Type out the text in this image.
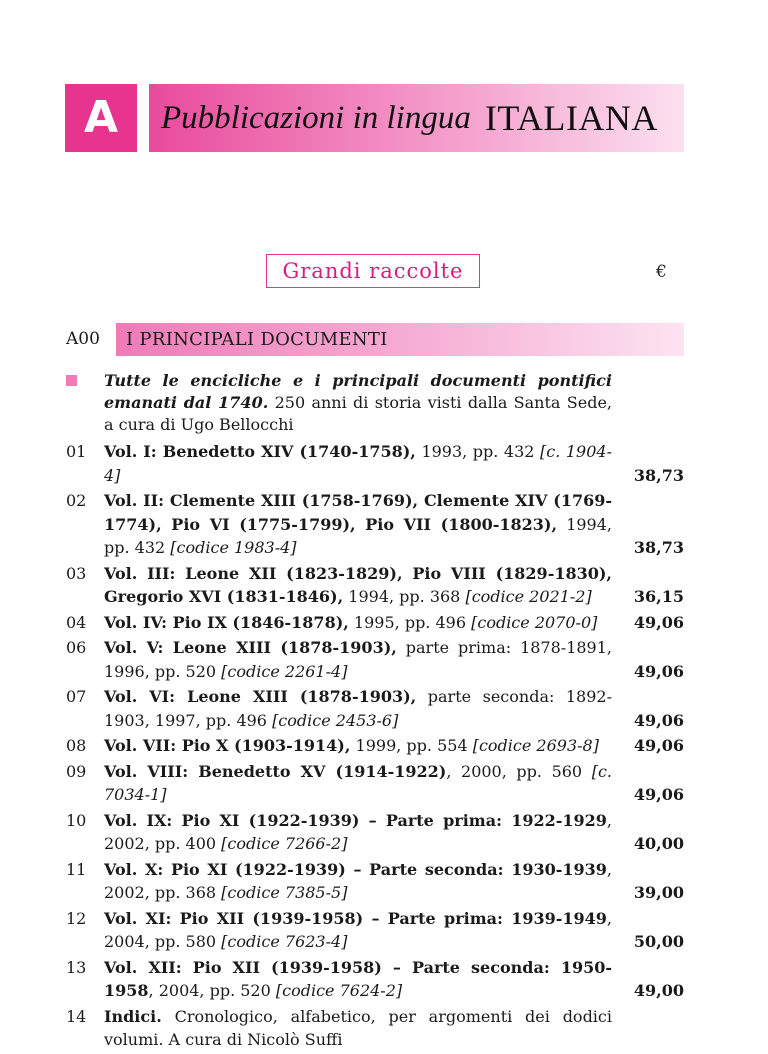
A	Pubblicazioni in lingua ITALIANA
Grandi raccolte	€
A00	I PRINCIPALI DOCUMENTI
Tutte le encicliche e i principali documenti pontifici emanati dal 1740. 250 anni di storia visti dalla Santa Sede, a cura di Ugo Bellocchi
01 Vol. I: Benedetto XIV (1740-1758), 1993, pp. 432 [c. 1904-4]	38,73
02 Vol. II: Clemente XIII (1758-1769), Clemente XIV (1769-1774), Pio VI (1775-1799), Pio VII (1800-1823), 1994, pp. 432 [codice 1983-4]	38,73
03 Vol. III: Leone XII (1823-1829), Pio VIII (1829-1830), Gregorio XVI (1831-1846), 1994, pp. 368 [codice 2021-2]	36,15
04 Vol. IV: Pio IX (1846-1878), 1995, pp. 496 [codice 2070-0]	49,06
06 Vol. V: Leone XIII (1878-1903), parte prima: 1878-1891, 1996, pp. 520 [codice 2261-4]	49,06
07 Vol. VI: Leone XIII (1878-1903), parte seconda: 1892-1903, 1997, pp. 496 [codice 2453-6]	49,06
08 Vol. VII: Pio X (1903-1914), 1999, pp. 554 [codice 2693-8]	49,06
09 Vol. VIII: Benedetto XV (1914-1922), 2000, pp. 560 [c. 7034-1]	49,06
10 Vol. IX: Pio XI (1922-1939) – Parte prima: 1922-1929, 2002, pp. 400 [codice 7266-2]	40,00
11 Vol. X: Pio XI (1922-1939) – Parte seconda: 1930-1939, 2002, pp. 368 [codice 7385-5]	39,00
12 Vol. XI: Pio XII (1939-1958) – Parte prima: 1939-1949, 2004, pp. 580 [codice 7623-4]	50,00
13 Vol. XII: Pio XII (1939-1958) – Parte seconda: 1950-1958, 2004, pp. 520 [codice 7624-2]	49,00
14 Indici. Cronologico, alfabetico, per argomenti dei dodici volumi. A cura di Nicolò Suffi
